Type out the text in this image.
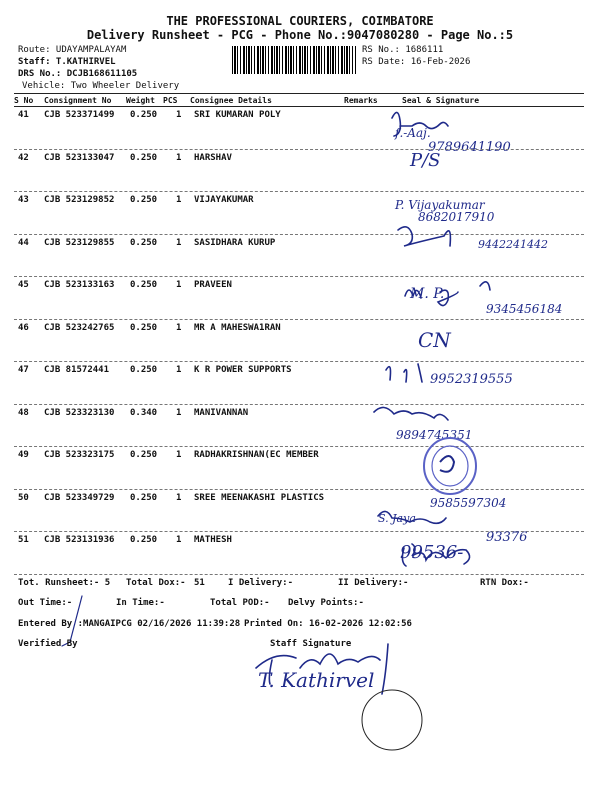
THE PROFESSIONAL COURIERS, COIMBATORE
Delivery Runsheet - PCG - Phone No.:9047080280 - Page No.:5
Route: UDAYAMPALAYAM
Staff: T.KATHIRVEL
DRS No.: DCJB168611105
Vehicle: Two Wheeler Delivery
RS No.: 1686111
RS Date: 16-Feb-2026
S No Consignment No Weight PCS Consignee Details	Remarks	Seal & Signature
41 CJB 523371499 0.250 1 SRI KUMARAN POLY
ſ.-Aaj.
9789641190
42 CJB 523133047 0.250 1 HARSHAV	P/S
43 CJB 523129852 0.250 1 VIJAYAKUMAR	P. Vijayakumar
8682017910
44 CJB 523129855 0.250 1 SASIDHARA KURUP	9442241442
45 CJB 523133163 0.250 1 PRAVEEN
M. P.
9345456184
46 CJB 523242765 0.250 1 MR A MAHESWA1RAN
CN
47 CJB 81572441 0.250 1 K R POWER SUPPORTS
9952319555
48 CJB 523323130 0.340 1 MANIVANNAN
9894745351
49 CJB 523323175 0.250 1 RADHAKRISHNAN(EC MEMBER
50 CJB 523349729 0.250 1 SREE MEENAKASHI PLASTICS	9585597304
S. Jaya
51 CJB 523131936 0.250 1 MATHESH
99536-
93376
Tot. Runsheet:- 5 Total Dox:- 51	I Delivery:-	II Delivery:-	RTN Dox:-
Out Time:-	In Time:-	Total POD:- Delvy Points:-
Entered By :MANGAIPCG 02/16/2026 11:39:28 Printed On: 16-02-2026 12:02:56
Verified By	Staff Signature
T. Kathirvel
